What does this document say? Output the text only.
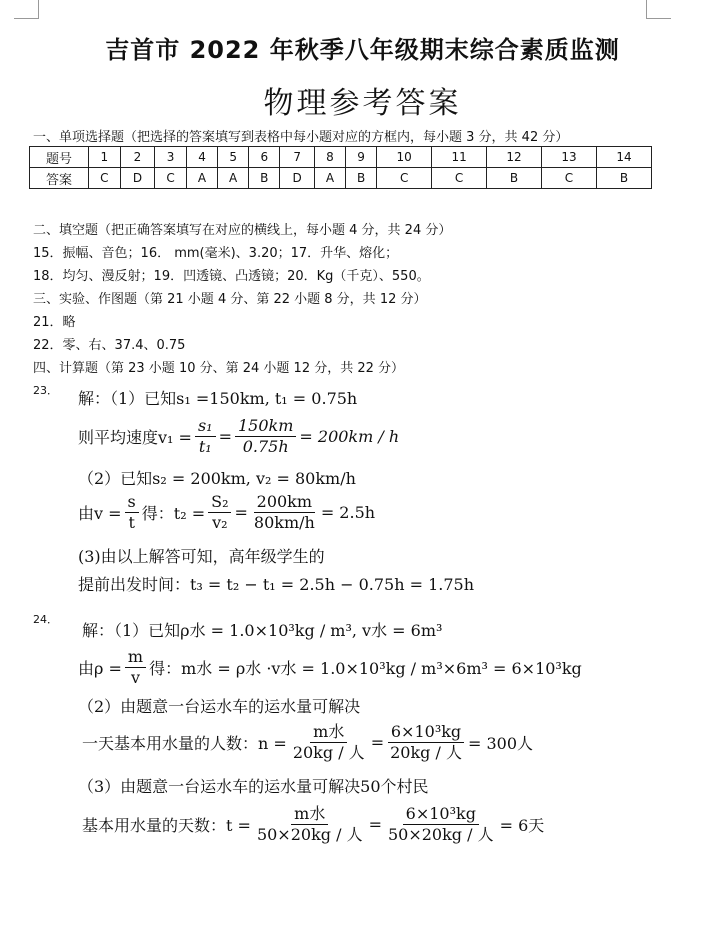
吉首市 2022 年秋季八年级期末综合素质监测
物理参考答案
一、单项选择题（把选择的答案填写到表格中每小题对应的方框内，每小题 3 分，共 42 分）
题号	1	2	3	4	5	6	7	8	9	10	11	12	13	14
答案	C	D	C	A	A	B	D	A	B	C	C	B	C	B
二、填空题（把正确答案填写在对应的横线上，每小题 4 分，共 24 分）
15．振幅、音色；16． mm(毫米)、3.20；17．升华、熔化；
18．均匀、漫反射；19．凹透镜、凸透镜；20．Kg（千克）、550。
三、实验、作图题（第 21 小题 4 分、第 22 小题 8 分，共 12 分）
21．略
22．零、右、37.4、0.75
四、计算题（第 23 小题 10 分、第 24 小题 12 分，共 22 分）
23． 解：（1）已知s₁ =150km, t₁ = 0.75h
则平均速度$v_1 = \frac{\text{s₁}}{\text{t₁}} = \frac{150km}{0.75h} = 200km / h$
（2）已知s₂ = 200km, v₂ = 80km/h
由$v = \frac{s}{t}$ 得：$t_2 = \frac{\text{S₂}}{\text{v₂}} = \frac{200km}{80km/h} = 2.5h$
(3)由以上解答可知，高年级学生的
提前出发时间：t₃ = t₂ − t₁ = 2.5h − 0.75h = 1.75h
24．
解：（1）已知ρ水 = 1.0×10³kg / m³, v水 = 6m³
由$\rho = \frac{m}{v}$ 得：m水 = ρ水 ·v水 = 1.0×10³kg / m³×6m³ = 6×10³kg
（2）由题意一台运水车的运水量可解决
一天基本用水量的人数：$n = \frac{\text{m水}}{\text{20kg / 人}} = \frac{\text{6×10³kg}}{\text{20kg / 人}} = 300$人
（3）由题意一台运水车的运水量可解决50个村民
基本用水量的天数：$t = \frac{\text{m水}}{\text{50×20kg / 人}} = \frac{\text{6×10³kg}}{\text{50×20kg / 人}} = 6$天
